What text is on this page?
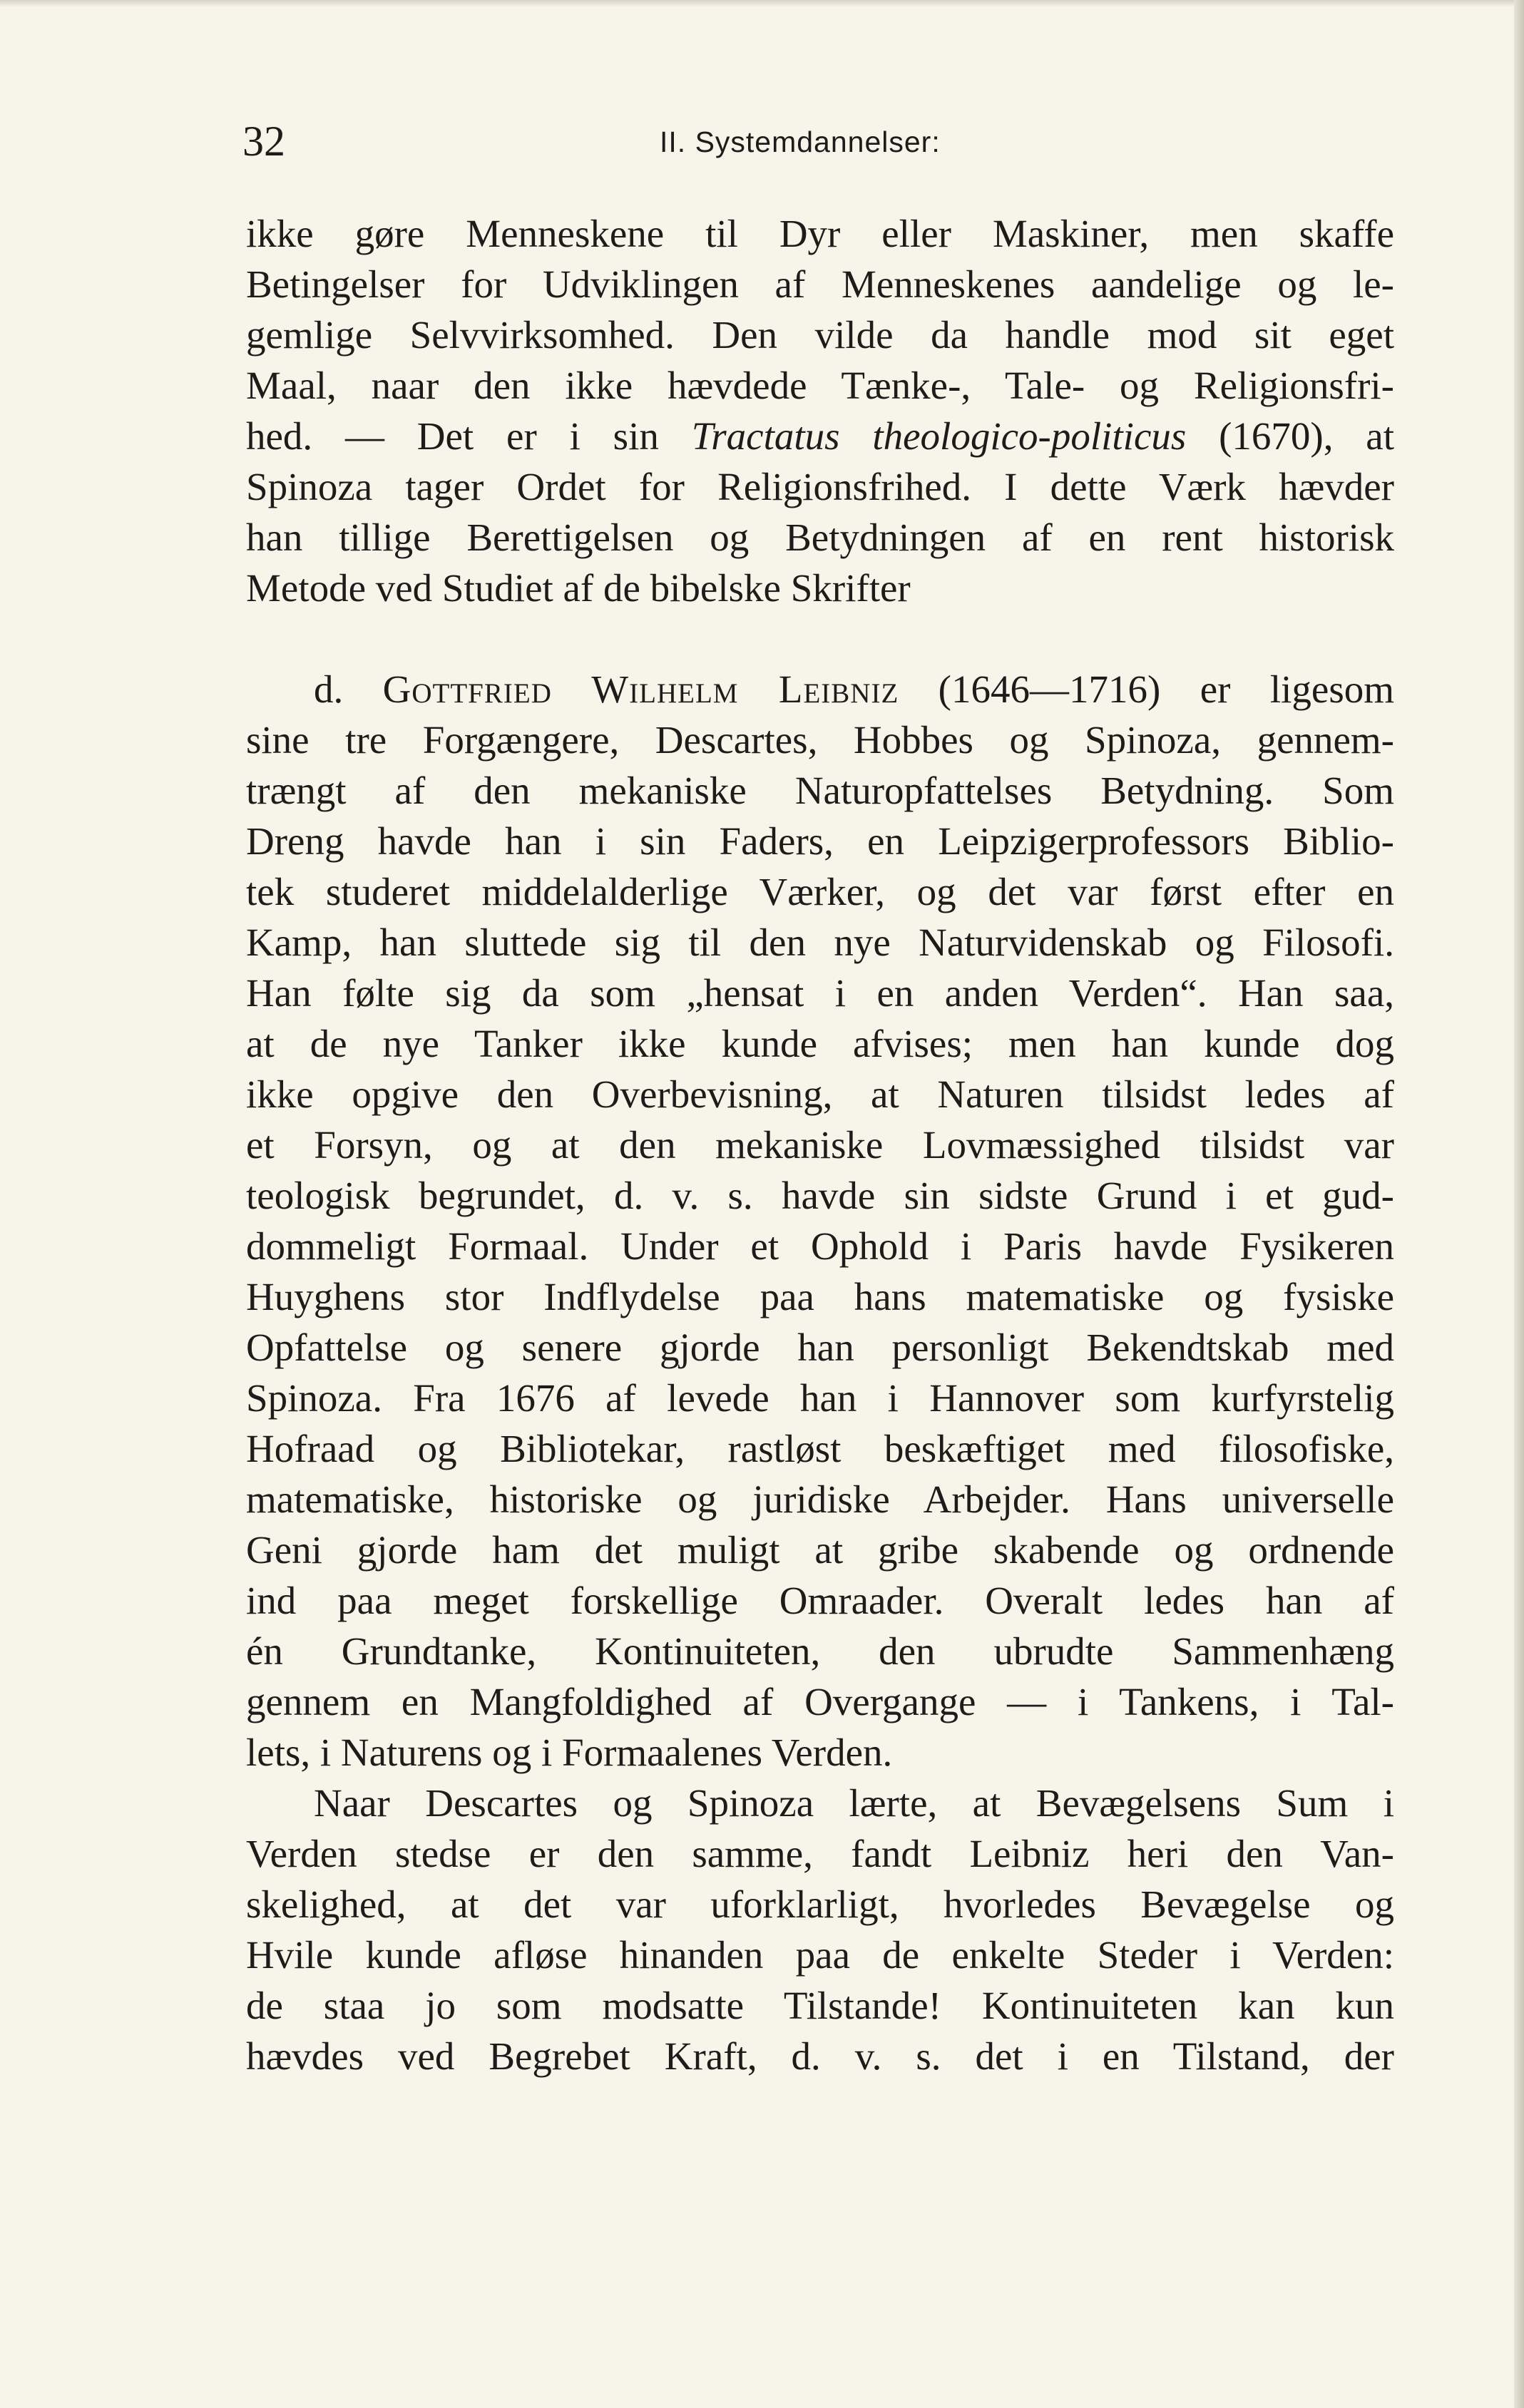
32	II. Systemdannelser:
ikke gøre Menneskene til Dyr eller Maskiner, men skaffe
Betingelser for Udviklingen af Menneskenes aandelige og le-
gemlige Selvvirksomhed. Den vilde da handle mod sit eget
Maal, naar den ikke hævdede Tænke-, Tale- og Religionsfri-
hed. — Det er i sin Tractatus theologico-politicus (1670), at
Spinoza tager Ordet for Religionsfrihed. I dette Værk hævder
han tillige Berettigelsen og Betydningen af en rent historisk
Metode ved Studiet af de bibelske Skrifter
d. Gottfried Wilhelm Leibniz (1646—1716) er ligesom
sine tre Forgængere, Descartes, Hobbes og Spinoza, gennem-
trængt af den mekaniske Naturopfattelses Betydning. Som
Dreng havde han i sin Faders, en Leipzigerprofessors Biblio-
tek studeret middelalderlige Værker, og det var først efter en
Kamp, han sluttede sig til den nye Naturvidenskab og Filosofi.
Han følte sig da som „hensat i en anden Verden“. Han saa,
at de nye Tanker ikke kunde afvises; men han kunde dog
ikke opgive den Overbevisning, at Naturen tilsidst ledes af
et Forsyn, og at den mekaniske Lovmæssighed tilsidst var
teologisk begrundet, d. v. s. havde sin sidste Grund i et gud-
dommeligt Formaal. Under et Ophold i Paris havde Fysikeren
Huyghens stor Indflydelse paa hans matematiske og fysiske
Opfattelse og senere gjorde han personligt Bekendtskab med
Spinoza. Fra 1676 af levede han i Hannover som kurfyrstelig
Hofraad og Bibliotekar, rastløst beskæftiget med filosofiske,
matematiske, historiske og juridiske Arbejder. Hans universelle
Geni gjorde ham det muligt at gribe skabende og ordnende
ind paa meget forskellige Omraader. Overalt ledes han af
én Grundtanke, Kontinuiteten, den ubrudte Sammenhæng
gennem en Mangfoldighed af Overgange — i Tankens, i Tal-
lets, i Naturens og i Formaalenes Verden.
Naar Descartes og Spinoza lærte, at Bevægelsens Sum i
Verden stedse er den samme, fandt Leibniz heri den Van-
skelighed, at det var uforklarligt, hvorledes Bevægelse og
Hvile kunde afløse hinanden paa de enkelte Steder i Verden:
de staa jo som modsatte Tilstande! Kontinuiteten kan kun
hævdes ved Begrebet Kraft, d. v. s. det i en Tilstand, der
